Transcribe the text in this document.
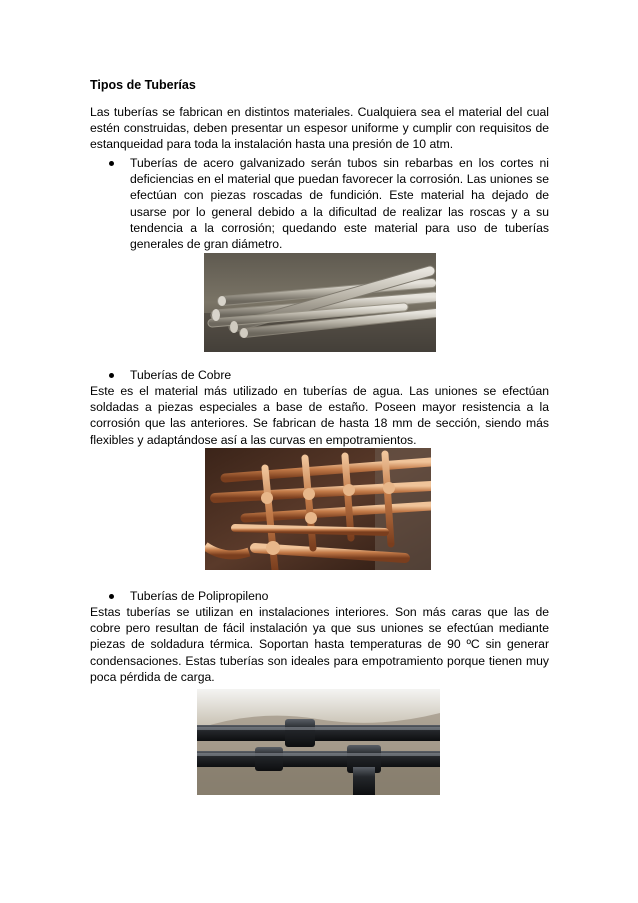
Tipos de Tuberías

Las tuberías se fabrican en distintos materiales. Cualquiera sea el material del cual estén construidas, deben presentar un espesor uniforme y cumplir con requisitos de estanqueidad para toda la instalación hasta una presión de 10 atm.

Tuberías de acero galvanizado serán tubos sin rebarbas en los cortes ni deficiencias en el material que puedan favorecer la corrosión. Las uniones se efectúan con piezas roscadas de fundición. Este material ha dejado de usarse por lo general debido a la dificultad de realizar las roscas y a su tendencia a la corrosión; quedando este material para uso de tuberías generales de gran diámetro.

Tuberías de Cobre

Este es el material más utilizado en tuberías de agua. Las uniones se efectúan soldadas a piezas especiales a base de estaño. Poseen mayor resistencia a la corrosión que las anteriores. Se fabrican de hasta 18 mm de sección, siendo más flexibles y adaptándose así a las curvas en empotramientos.

Tuberías de Polipropileno

Estas tuberías se utilizan en instalaciones interiores. Son más caras que las de cobre pero resultan de fácil instalación ya que sus uniones se efectúan mediante piezas de soldadura térmica. Soportan hasta temperaturas de 90 ºC sin generar condensaciones. Estas tuberías son ideales para empotramiento porque tienen muy poca pérdida de carga.
